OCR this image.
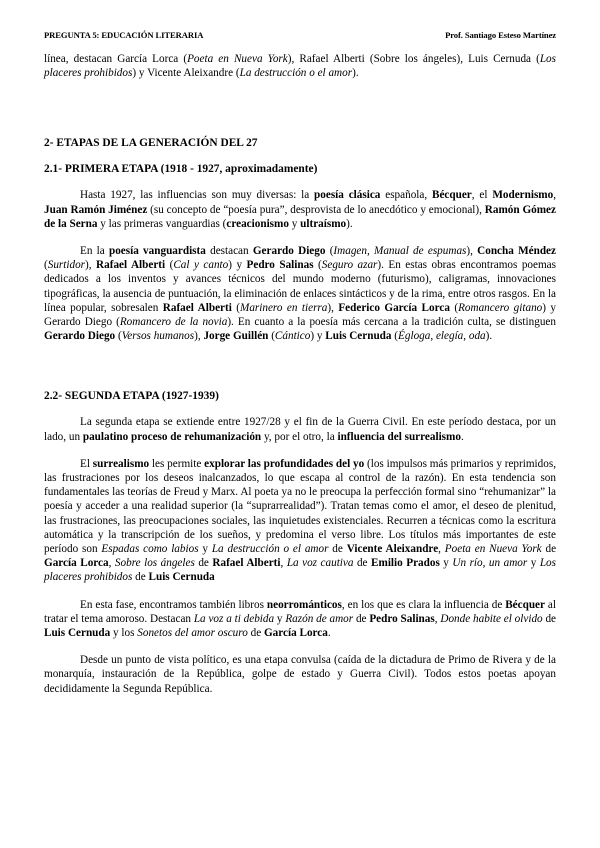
PREGUNTA 5: EDUCACIÓN LITERARIA	Prof. Santiago Esteso Martínez

línea, destacan García Lorca (Poeta en Nueva York), Rafael Alberti (Sobre los ángeles), Luis Cernuda (Los placeres prohibidos) y Vicente Aleixandre (La destrucción o el amor).

2- ETAPAS DE LA GENERACIÓN DEL 27
2.1- PRIMERA ETAPA (1918 - 1927, aproximadamente)

Hasta 1927, las influencias son muy diversas: la poesía clásica española, Bécquer, el Modernismo, Juan Ramón Jiménez (su concepto de “poesía pura”, desprovista de lo anecdótico y emocional), Ramón Gómez de la Serna y las primeras vanguardias (creacionismo y ultraísmo).

En la poesía vanguardista destacan Gerardo Diego (Imagen, Manual de espumas), Concha Méndez (Surtidor), Rafael Alberti (Cal y canto) y Pedro Salinas (Seguro azar). En estas obras encontramos poemas dedicados a los inventos y avances técnicos del mundo moderno (futurismo), caligramas, innovaciones tipográficas, la ausencia de puntuación, la eliminación de enlaces sintácticos y de la rima, entre otros rasgos. En la línea popular, sobresalen Rafael Alberti (Marinero en tierra), Federico García Lorca (Romancero gitano) y Gerardo Diego (Romancero de la novia). En cuanto a la poesía más cercana a la tradición culta, se distinguen Gerardo Diego (Versos humanos), Jorge Guillén (Cántico) y Luis Cernuda (Égloga, elegía, oda).

2.2- SEGUNDA ETAPA (1927-1939)

La segunda etapa se extiende entre 1927/28 y el fin de la Guerra Civil. En este período destaca, por un lado, un paulatino proceso de rehumanización y, por el otro, la influencia del surrealismo.

El surrealismo les permite explorar las profundidades del yo (los impulsos más primarios y reprimidos, las frustraciones por los deseos inalcanzados, lo que escapa al control de la razón). En esta tendencia son fundamentales las teorías de Freud y Marx. Al poeta ya no le preocupa la perfección formal sino “rehumanizar” la poesía y acceder a una realidad superior (la “suprarrealidad”). Tratan temas como el amor, el deseo de plenitud, las frustraciones, las preocupaciones sociales, las inquietudes existenciales. Recurren a técnicas como la escritura automática y la transcripción de los sueños, y predomina el verso libre. Los títulos más importantes de este período son Espadas como labios y La destrucción o el amor de Vicente Aleixandre, Poeta en Nueva York de García Lorca, Sobre los ángeles de Rafael Alberti, La voz cautiva de Emilio Prados y Un río, un amor y Los placeres prohibidos de Luis Cernuda

En esta fase, encontramos también libros neorrománticos, en los que es clara la influencia de Bécquer al tratar el tema amoroso. Destacan La voz a ti debida y Razón de amor de Pedro Salinas, Donde habite el olvido de Luis Cernuda y los Sonetos del amor oscuro de García Lorca.

Desde un punto de vista político, es una etapa convulsa (caída de la dictadura de Primo de Rivera y de la monarquía, instauración de la República, golpe de estado y Guerra Civil). Todos estos poetas apoyan decididamente la Segunda República.
